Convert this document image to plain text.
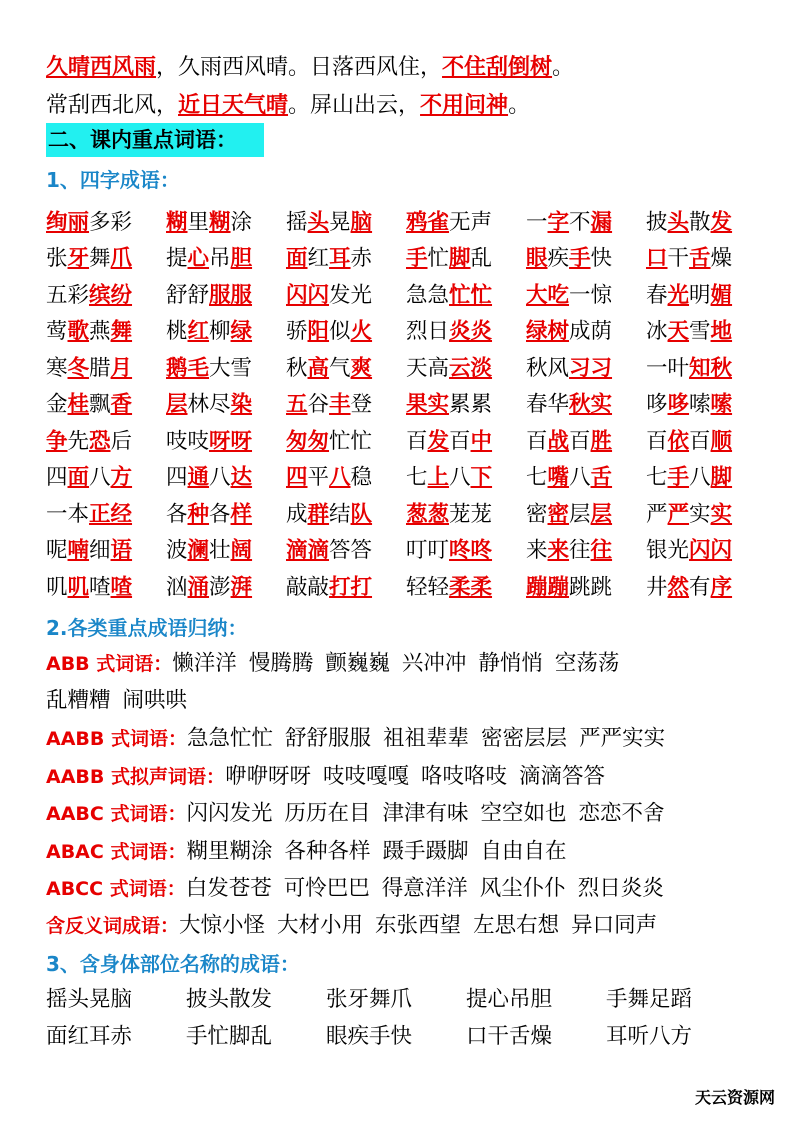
久晴西风雨，久雨西风晴。日落西风住，不住刮倒树。
常刮西北风，近日天气晴。屏山出云，不用问神。
二、课内重点词语：
1、四字成语：
绚丽多彩	糊里糊涂	摇头晃脑	鸦雀无声	一字不漏	披头散发
张牙舞爪	提心吊胆	面红耳赤	手忙脚乱	眼疾手快	口干舌燥
五彩缤纷	舒舒服服	闪闪发光	急急忙忙	大吃一惊	春光明媚
莺歌燕舞	桃红柳绿	骄阳似火	烈日炎炎	绿树成荫	冰天雪地
寒冬腊月	鹅毛大雪	秋高气爽	天高云淡	秋风习习	一叶知秋
金桂飘香	层林尽染	五谷丰登	果实累累	春华秋实	哆哆嗦嗦
争先恐后	吱吱呀呀	匆匆忙忙	百发百中	百战百胜	百依百顺
四面八方	四通八达	四平八稳	七上八下	七嘴八舌	七手八脚
一本正经	各种各样	成群结队	葱葱茏茏	密密层层	严严实实
呢喃细语	波澜壮阔	滴滴答答	叮叮咚咚	来来往往	银光闪闪
叽叽喳喳	汹涌澎湃	敲敲打打	轻轻柔柔	蹦蹦跳跳	井然有序
2.各类重点成语归纳：
ABB 式词语：懒洋洋 慢腾腾 颤巍巍 兴冲冲 静悄悄 空荡荡
乱糟糟 闹哄哄
AABB 式词语：急急忙忙 舒舒服服 祖祖辈辈 密密层层 严严实实
AABB 式拟声词语：咿咿呀呀 吱吱嘎嘎 咯吱咯吱 滴滴答答
AABC 式词语：闪闪发光 历历在目 津津有味 空空如也 恋恋不舍
ABAC 式词语：糊里糊涂 各种各样 蹑手蹑脚 自由自在
ABCC 式词语：白发苍苍 可怜巴巴 得意洋洋 风尘仆仆 烈日炎炎
含反义词成语：大惊小怪 大材小用 东张西望 左思右想 异口同声
3、含身体部位名称的成语：
摇头晃脑	披头散发	张牙舞爪	提心吊胆	手舞足蹈
面红耳赤	手忙脚乱	眼疾手快	口干舌燥	耳听八方
天云资源网
